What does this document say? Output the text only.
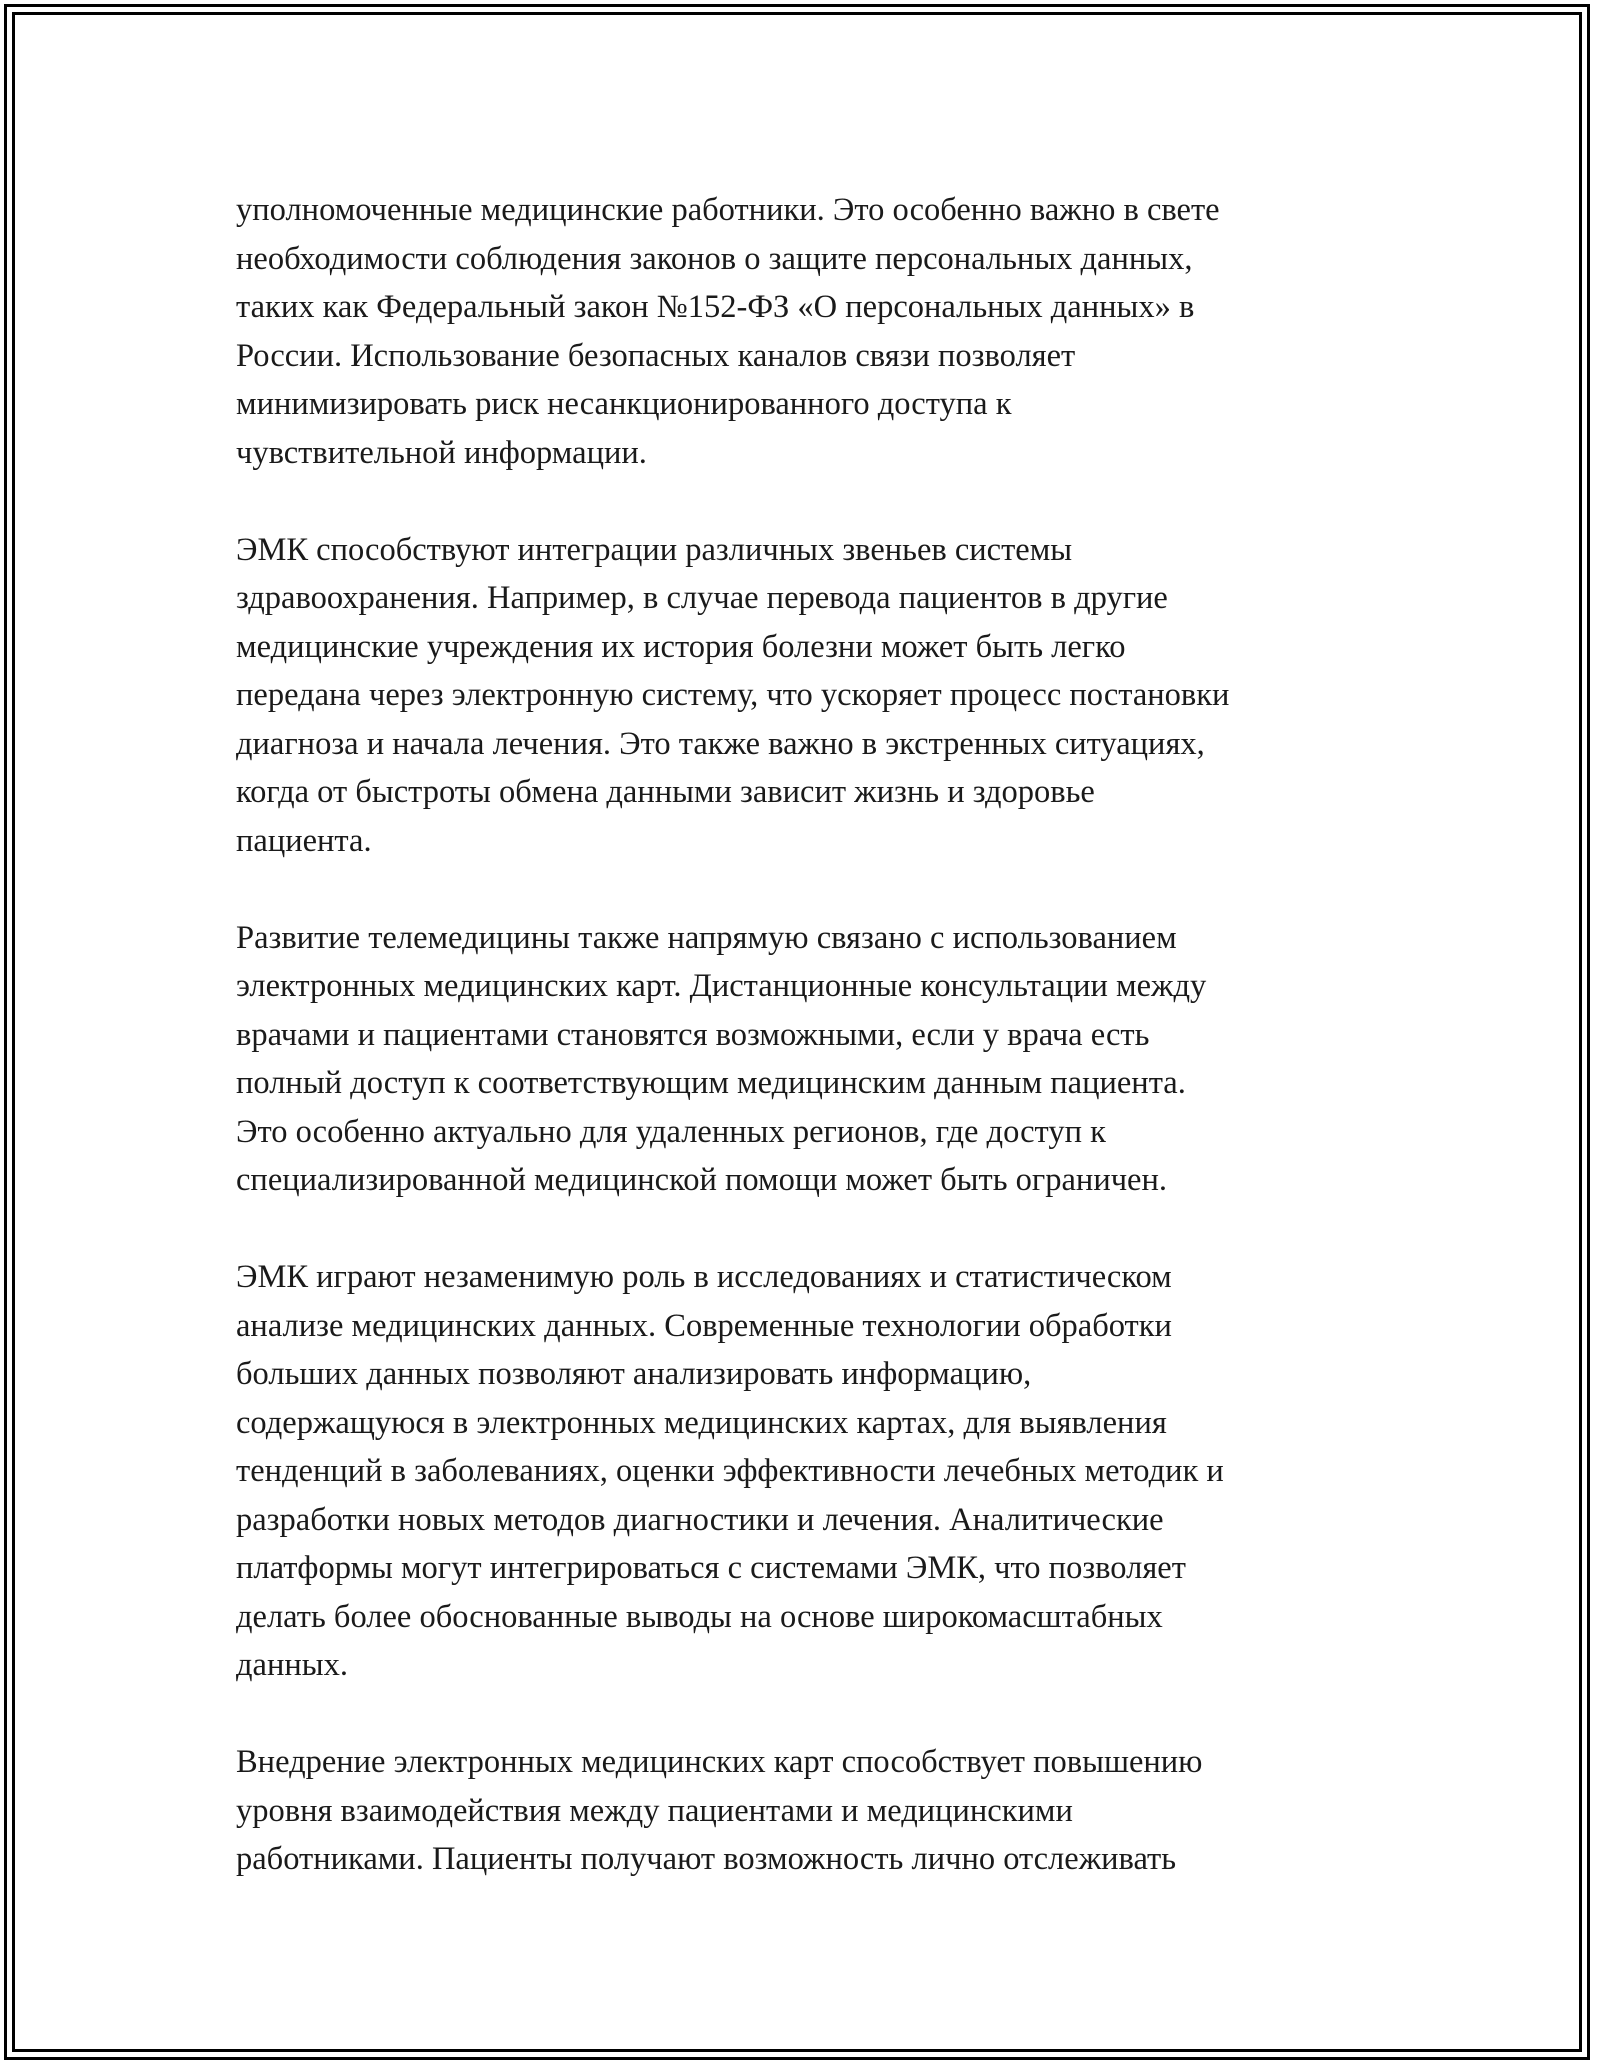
уполномоченные медицинские работники. Это особенно важно в свете
необходимости соблюдения законов о защите персональных данных,
таких как Федеральный закон №152-ФЗ «О персональных данных» в
России. Использование безопасных каналов связи позволяет
минимизировать риск несанкционированного доступа к
чувствительной информации.
ЭМК способствуют интеграции различных звеньев системы
здравоохранения. Например, в случае перевода пациентов в другие
медицинские учреждения их история болезни может быть легко
передана через электронную систему, что ускоряет процесс постановки
диагноза и начала лечения. Это также важно в экстренных ситуациях,
когда от быстроты обмена данными зависит жизнь и здоровье
пациента.
Развитие телемедицины также напрямую связано с использованием
электронных медицинских карт. Дистанционные консультации между
врачами и пациентами становятся возможными, если у врача есть
полный доступ к соответствующим медицинским данным пациента.
Это особенно актуально для удаленных регионов, где доступ к
специализированной медицинской помощи может быть ограничен.
ЭМК играют незаменимую роль в исследованиях и статистическом
анализе медицинских данных. Современные технологии обработки
больших данных позволяют анализировать информацию,
содержащуюся в электронных медицинских картах, для выявления
тенденций в заболеваниях, оценки эффективности лечебных методик и
разработки новых методов диагностики и лечения. Аналитические
платформы могут интегрироваться с системами ЭМК, что позволяет
делать более обоснованные выводы на основе широкомасштабных
данных.
Внедрение электронных медицинских карт способствует повышению
уровня взаимодействия между пациентами и медицинскими
работниками. Пациенты получают возможность лично отслеживать
